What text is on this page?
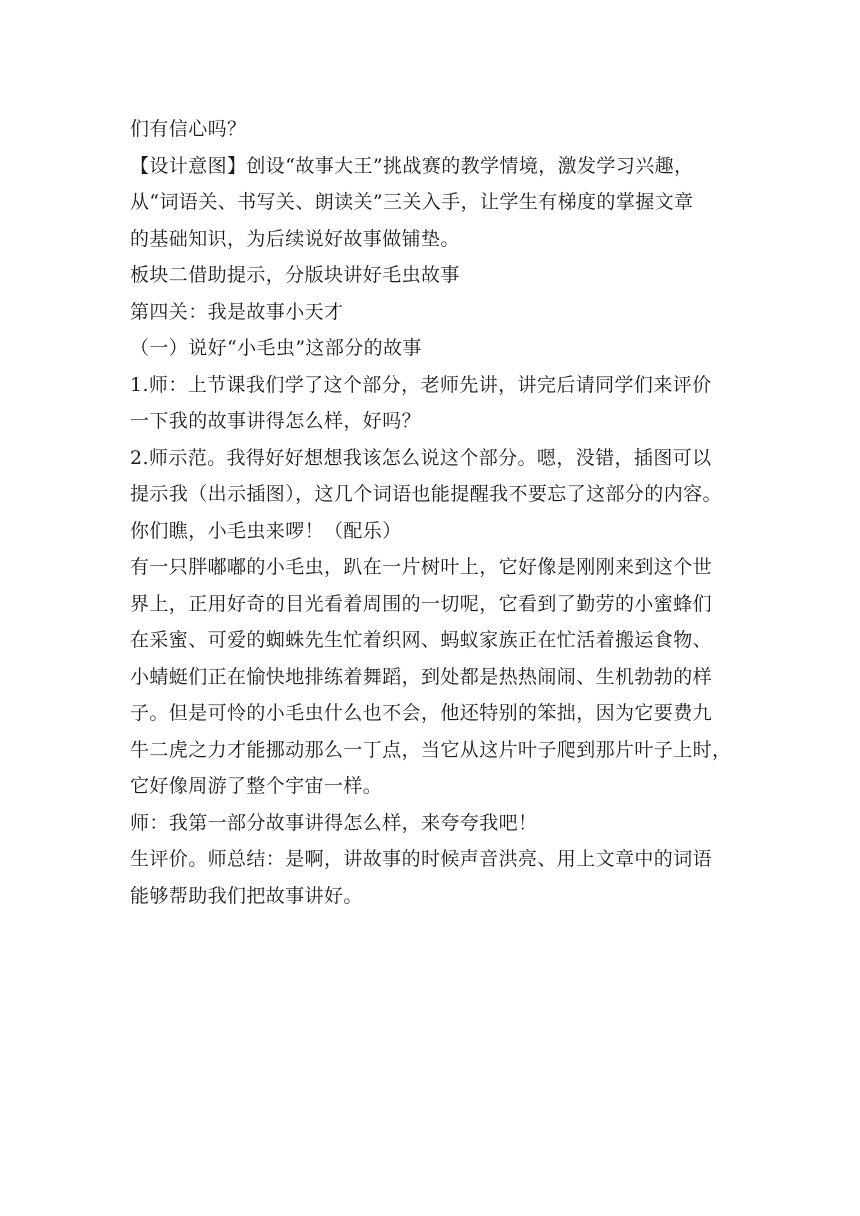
们有信心吗？
【设计意图】创设“故事大王”挑战赛的教学情境，激发学习兴趣，
从“词语关、书写关、朗读关”三关入手，让学生有梯度的掌握文章
的基础知识，为后续说好故事做铺垫。
板块二借助提示，分版块讲好毛虫故事
第四关：我是故事小天才
（一）说好“小毛虫”这部分的故事
1.师：上节课我们学了这个部分，老师先讲，讲完后请同学们来评价
一下我的故事讲得怎么样，好吗？
2.师示范。我得好好想想我该怎么说这个部分。嗯，没错，插图可以
提示我（出示插图），这几个词语也能提醒我不要忘了这部分的内容。
你们瞧，小毛虫来啰！（配乐）
有一只胖嘟嘟的小毛虫，趴在一片树叶上，它好像是刚刚来到这个世
界上，正用好奇的目光看着周围的一切呢，它看到了勤劳的小蜜蜂们
在采蜜、可爱的蜘蛛先生忙着织网、蚂蚁家族正在忙活着搬运食物、
小蜻蜓们正在愉快地排练着舞蹈，到处都是热热闹闹、生机勃勃的样
子。但是可怜的小毛虫什么也不会，他还特别的笨拙，因为它要费九
牛二虎之力才能挪动那么一丁点，当它从这片叶子爬到那片叶子上时，
它好像周游了整个宇宙一样。
师：我第一部分故事讲得怎么样，来夸夸我吧！
生评价。师总结：是啊，讲故事的时候声音洪亮、用上文章中的词语
能够帮助我们把故事讲好。
